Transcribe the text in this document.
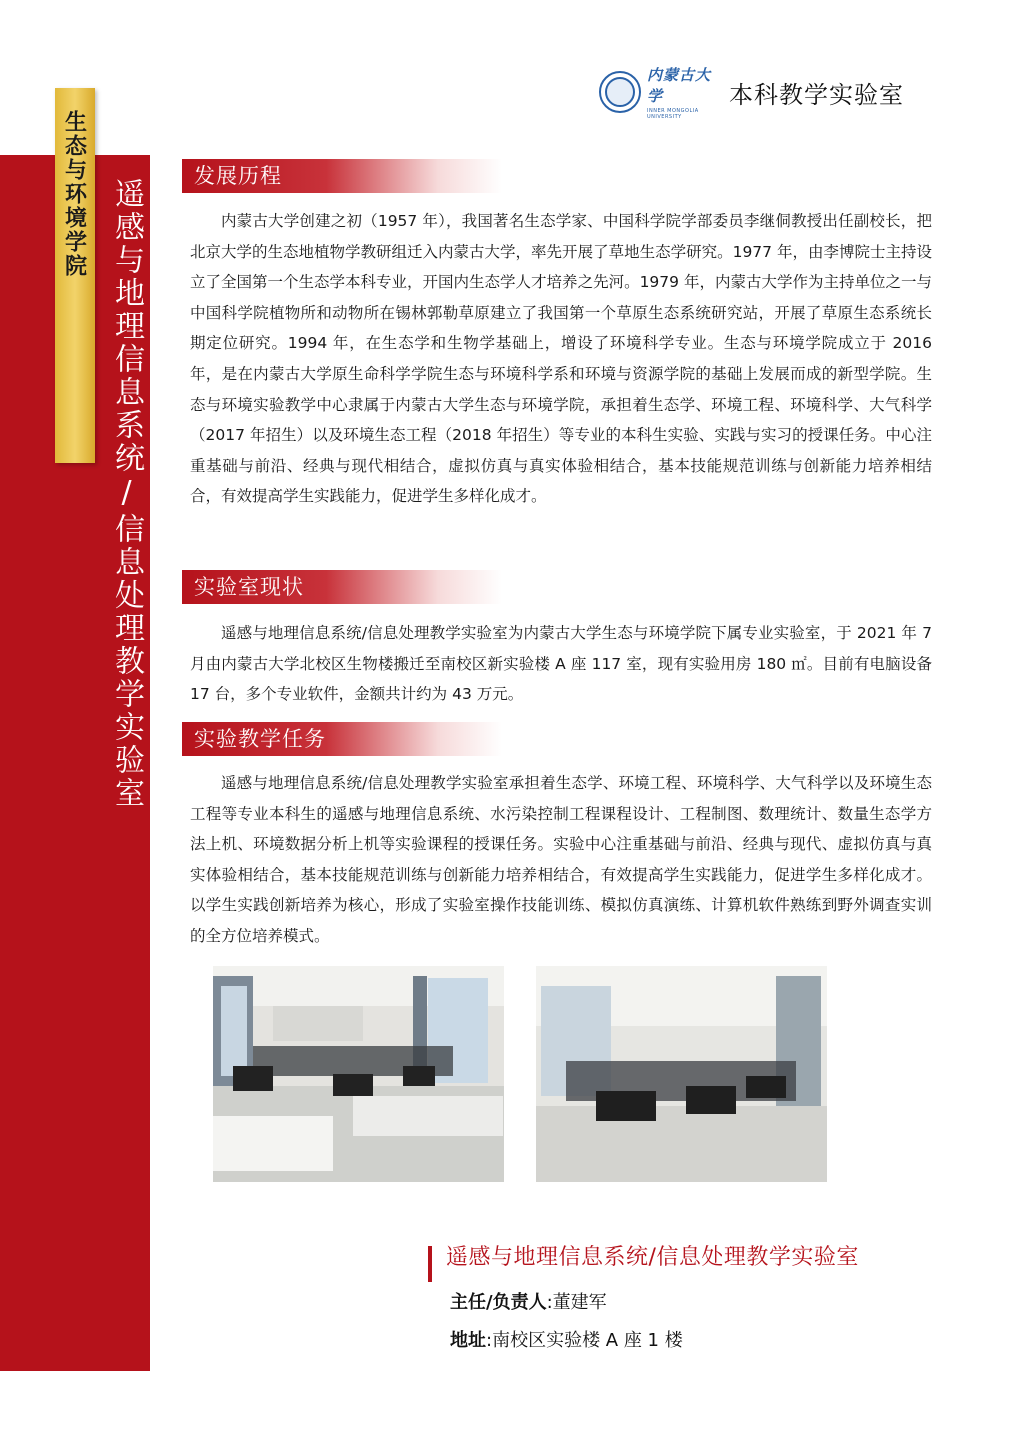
生态与环境学院 遥感与地理信息系统/信息处理教学实验室
内蒙古大学
INNER MONGOLIA UNIVERSITY
本科教学实验室
发展历程
内蒙古大学创建之初（1957 年），我国著名生态学家、中国科学院学部委员李继侗教授出任副校长，把北京大学的生态地植物学教研组迁入内蒙古大学，率先开展了草地生态学研究。1977 年，由李博院士主持设立了全国第一个生态学本科专业，开国内生态学人才培养之先河。1979 年，内蒙古大学作为主持单位之一与中国科学院植物所和动物所在锡林郭勒草原建立了我国第一个草原生态系统研究站，开展了草原生态系统长期定位研究。1994 年，在生态学和生物学基础上，增设了环境科学专业。生态与环境学院成立于 2016 年，是在内蒙古大学原生命科学学院生态与环境科学系和环境与资源学院的基础上发展而成的新型学院。生态与环境实验教学中心隶属于内蒙古大学生态与环境学院，承担着生态学、环境工程、环境科学、大气科学（2017 年招生）以及环境生态工程（2018 年招生）等专业的本科生实验、实践与实习的授课任务。中心注重基础与前沿、经典与现代相结合，虚拟仿真与真实体验相结合，基本技能规范训练与创新能力培养相结合，有效提高学生实践能力，促进学生多样化成才。
实验室现状
遥感与地理信息系统/信息处理教学实验室为内蒙古大学生态与环境学院下属专业实验室，于 2021 年 7 月由内蒙古大学北校区生物楼搬迁至南校区新实验楼 A 座 117 室，现有实验用房 180 ㎡。目前有电脑设备 17 台，多个专业软件，金额共计约为 43 万元。
实验教学任务
遥感与地理信息系统/信息处理教学实验室承担着生态学、环境工程、环境科学、大气科学以及环境生态工程等专业本科生的遥感与地理信息系统、水污染控制工程课程设计、工程制图、数理统计、数量生态学方法上机、环境数据分析上机等实验课程的授课任务。实验中心注重基础与前沿、经典与现代、虚拟仿真与真实体验相结合，基本技能规范训练与创新能力培养相结合，有效提高学生实践能力，促进学生多样化成才。以学生实践创新培养为核心，形成了实验室操作技能训练、模拟仿真演练、计算机软件熟练到野外调查实训的全方位培养模式。
遥感与地理信息系统/信息处理教学实验室
主任/负责人:董建军
地址:南校区实验楼 A 座 1 楼
